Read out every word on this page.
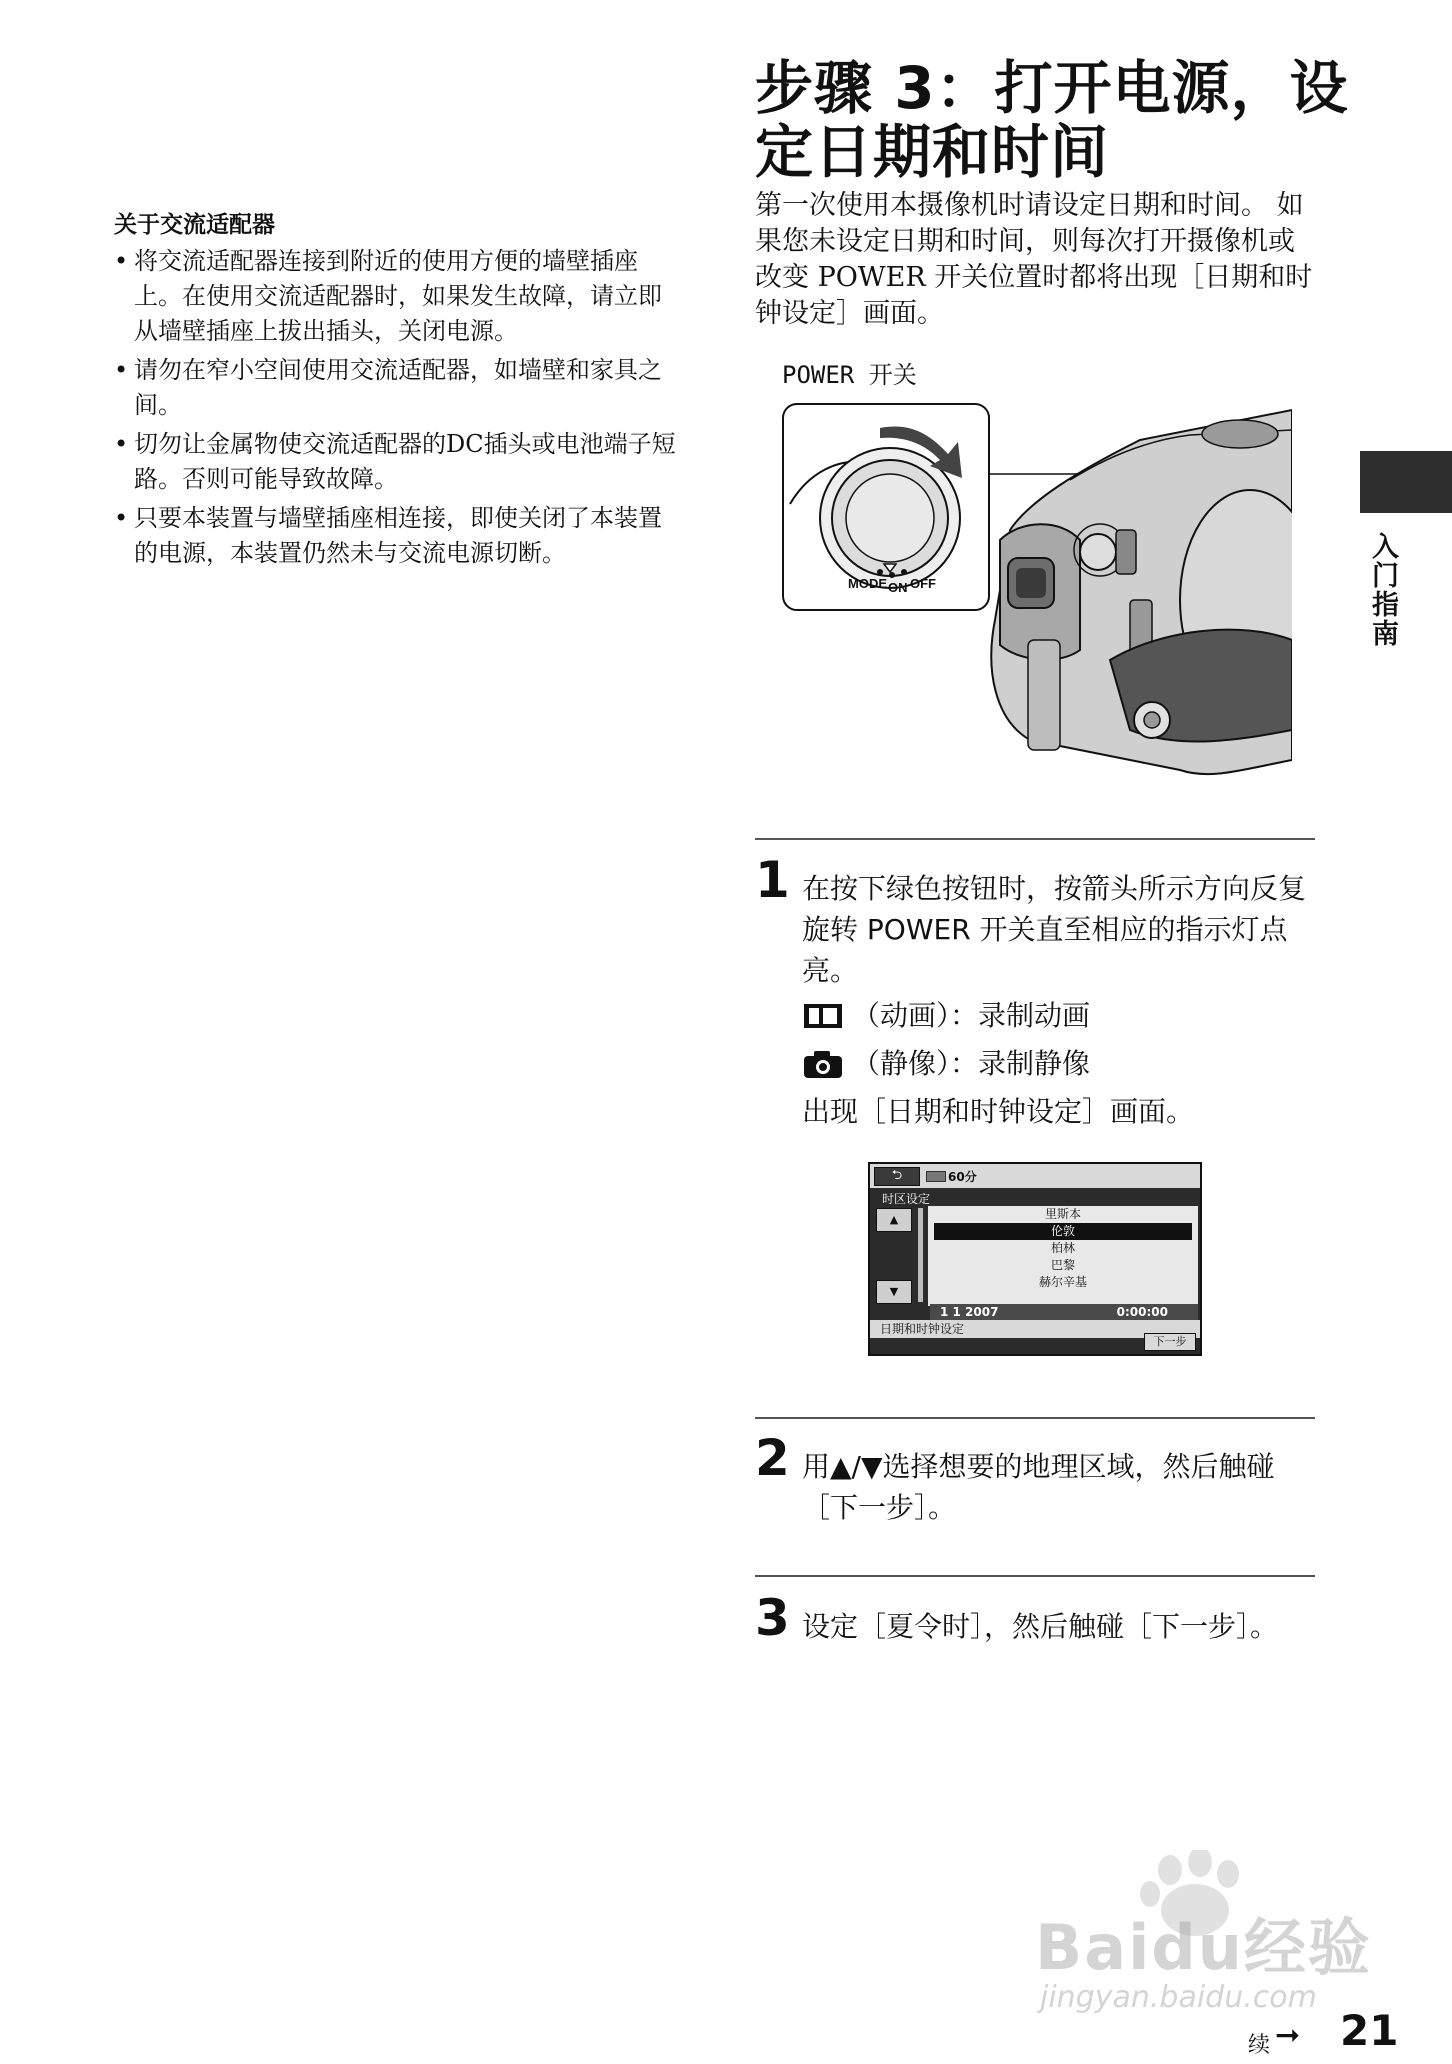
关于交流适配器
• 将交流适配器连接到附近的使用方便的墙壁插座上。在使用交流适配器时，如果发生故障，请立即从墙壁插座上拔出插头，关闭电源。
• 请勿在窄小空间使用交流适配器，如墙壁和家具之间。
• 切勿让金属物使交流适配器的DC插头或电池端子短路。否则可能导致故障。
• 只要本装置与墙壁插座相连接，即使关闭了本装置的电源，本装置仍然未与交流电源切断。
步骤 3：打开电源，设定日期和时间
第一次使用本摄像机时请设定日期和时间。 如果您未设定日期和时间，则每次打开摄像机或改变 POWER 开关位置时都将出现［日期和时钟设定］画面。
POWER 开关
MODE ON OFF
1 在按下绿色按钮时，按箭头所示方向反复旋转 POWER 开关直至相应的指示灯点亮。
（动画）：录制动画
（静像）：录制静像
出现［日期和时钟设定］画面。
⮌	60分
时区设定
▲
▼
里斯本
伦敦
柏林
巴黎
赫尔辛基
1 1 2007	0:00:00
日期和时钟设定
下一步
2 用▲/▼选择想要的地理区域，然后触碰［下一步］。
3 设定［夏令时］，然后触碰［下一步］。
入门指南
Baidu经验
jingyan.baidu.com
续 ➞ 21
